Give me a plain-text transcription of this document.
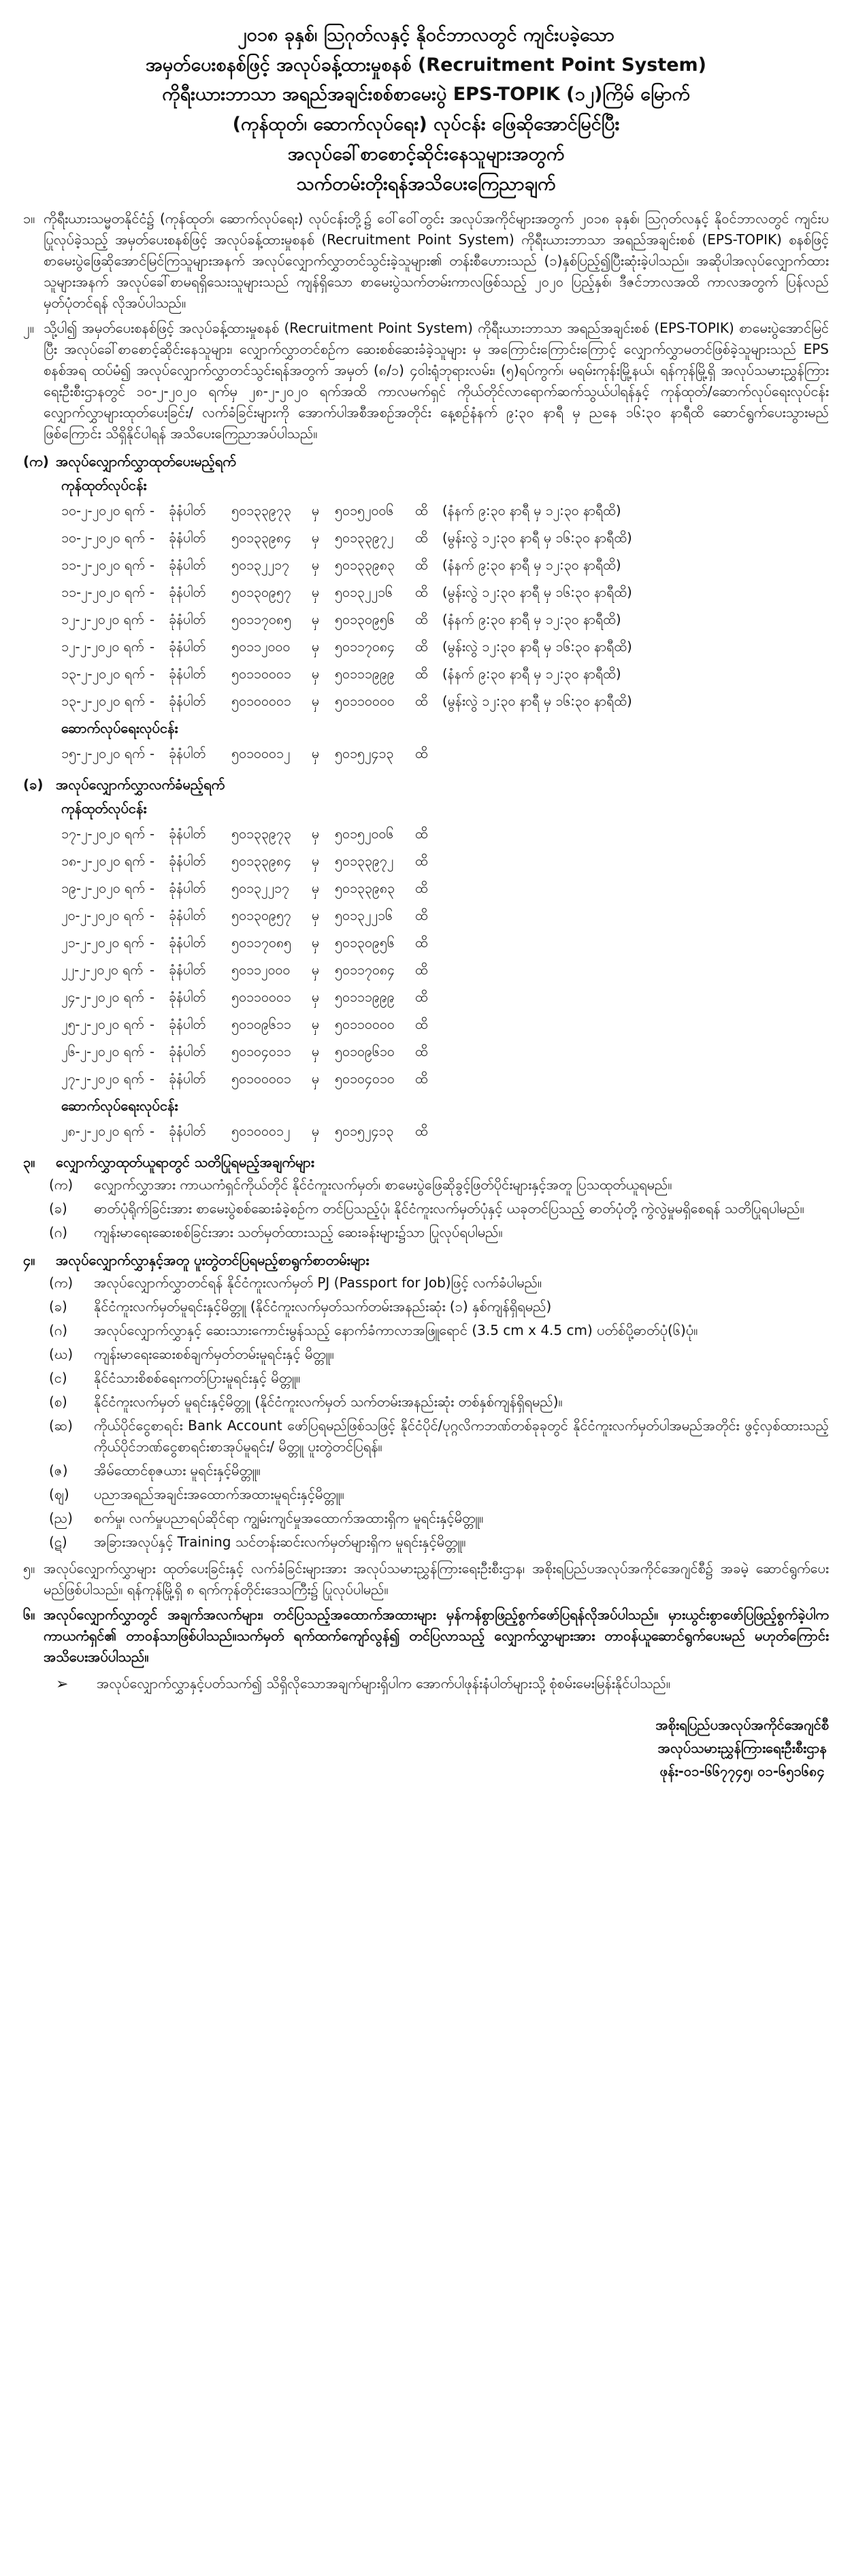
၂၀၁၈ ခုနှစ်၊ ဩဂုတ်လနှင့် နိုဝင်ဘာလတွင် ကျင်းပခဲ့သော
အမှတ်ပေးစနစ်ဖြင့် အလုပ်ခန့်ထားမှုစနစ် (Recruitment Point System)
ကိုရီးယားဘာသာ အရည်အချင်းစစ်စာမေးပွဲ EPS-TOPIK (၁၂)ကြိမ် မြောက်
(ကုန်ထုတ်၊ ဆောက်လုပ်ရေး) လုပ်ငန်း ဖြေဆိုအောင်မြင်ပြီး
အလုပ်ခေါ်စာစောင့်ဆိုင်းနေသူများအတွက်
သက်တမ်းတိုးရန်အသိပေးကြေညာချက်
၁။ ကိုရီးယားသမ္မတနိုင်ငံ၌ (ကုန်ထုတ်၊ ဆောက်လုပ်ရေး) လုပ်ငန်းတို့၌ ဝေါ်ဝေါ်တွင်း အလုပ်အကိုင်များအတွက် ၂၀၁၈ ခုနှစ်၊ ဩဂုတ်လနှင့် နိုဝင်ဘာလတွင် ကျင်းပပြုလုပ်ခဲ့သည့် အမှတ်ပေးစနစ်ဖြင့် အလုပ်ခန့်ထားမှုစနစ် (Recruitment Point System) ကိုရီးယားဘာသာ အရည်အချင်းစစ် (EPS-TOPIK) စနစ်ဖြင့် စာမေးပွဲဖြေဆိုအောင်မြင်ကြသူများအနက် အလုပ်လျှောက်လွှာတင်သွင်းခဲ့သူများ၏ တန်းစီဟေားသည် (၁)နှစ်ပြည့်၍ပြီးဆုံးခဲ့ပါသည်။ အဆိုပါအလုပ်လျှောက်ထားသူများအနက် အလုပ်ခေါ်စာမရရှိသေးသူများသည် ကျန်ရှိသော စာမေးပွဲသက်တမ်းကာလဖြစ်သည့် ၂၀၂၀ ပြည့်နှစ်၊ ဒီဇင်ဘာလအထိ ကာလအတွက် ပြန်လည်မှတ်ပုံတင်ရန် လိုအပ်ပါသည်။
၂။ သို့ပါ၍ အမှတ်ပေးစနစ်ဖြင့် အလုပ်ခန့်ထားမှုစနစ် (Recruitment Point System) ကိုရီးယားဘာသာ အရည်အချင်းစစ် (EPS-TOPIK) စာမေးပွဲအောင်မြင်ပြီး အလုပ်ခေါ်စာစောင့်ဆိုင်းနေသူများ၊ လျှောက်လွှာတင်စဉ်က ဆေးစစ်ဆေးခံခဲ့သူများ မှ အကြောင်းကြောင်းကြောင့် လျှောက်လွှာမတင်ဖြစ်ခဲ့သူများသည် EPS စနစ်အရ ထပ်မံ၍ အလုပ်လျှောက်လွှာတင်သွင်းရန်အတွက် အမှတ် (၈/၁) ၄ဝါးရုံဘုရားလမ်း၊ (၅)ရပ်ကွက်၊ မရမ်းကုန်းမြို့နယ်၊ ရန်ကုန်မြို့ရှိ အလုပ်သမားညွှန်ကြားရေးဦးစီးဌာနတွင် ၁၀-၂-၂၀၂၀ ရက်မှ ၂၈-၂-၂၀၂၀ ရက်အထိ ကာလမက်ရှင် ကိုယ်တိုင်လာရောက်ဆက်သွယ်ပါရန်နှင့် ကုန်ထုတ်/ဆောက်လုပ်ရေးလုပ်ငန်း လျှောက်လွှာများထုတ်ပေးခြင်း/ လက်ခံခြင်းများကို အောက်ပါအစီအစဉ်အတိုင်း နေ့စဉ်နံနက် ၉:၃၀ နာရီ မှ ညနေ ၁၆:၃၀ နာရီထိ ဆောင်ရွက်ပေးသွားမည်ဖြစ်ကြောင်း သိရှိနိုင်ပါရန် အသိပေးကြေညာအပ်ပါသည်။
(က) အလုပ်လျှောက်လွှာထုတ်ပေးမည့်ရက်
ကုန်ထုတ်လုပ်ငန်း
၁၀-၂-၂၀၂၀ ရက် -	ခုံနံပါတ်	၅၀၁၃၃၉၇၃	မှ	၅၀၁၅၂၀၀၆	ထိ	(နံနက် ၉:၃၀ နာရီ မှ ၁၂:၃၀ နာရီထိ)
၁၀-၂-၂၀၂၀ ရက် -	ခုံနံပါတ်	၅၀၁၃၃၉၈၄	မှ	၅၀၁၃၃၉၇၂	ထိ	(မွန်းလွဲ ၁၂:၃၀ နာရီ မှ ၁၆:၃၀ နာရီထိ)
၁၁-၂-၂၀၂၀ ရက် -	ခုံနံပါတ်	၅၀၁၃၂၂၁၇	မှ	၅၀၁၃၃၉၈၃	ထိ	(နံနက် ၉:၃၀ နာရီ မှ ၁၂:၃၀ နာရီထိ)
၁၁-၂-၂၀၂၀ ရက် -	ခုံနံပါတ်	၅၀၁၃၀၉၅၇	မှ	၅၀၁၃၂၂၁၆	ထိ	(မွန်းလွဲ ၁၂:၃၀ နာရီ မှ ၁၆:၃၀ နာရီထိ)
၁၂-၂-၂၀၂၀ ရက် -	ခုံနံပါတ်	၅၀၁၁၇၀၈၅	မှ	၅၀၁၃၀၉၅၆	ထိ	(နံနက် ၉:၃၀ နာရီ မှ ၁၂:၃၀ နာရီထိ)
၁၂-၂-၂၀၂၀ ရက် -	ခုံနံပါတ်	၅၀၁၁၂၀၀၀	မှ	၅၀၁၁၇၀၈၄	ထိ	(မွန်းလွဲ ၁၂:၃၀ နာရီ မှ ၁၆:၃၀ နာရီထိ)
၁၃-၂-၂၀၂၀ ရက် -	ခုံနံပါတ်	၅၀၁၁၀၀၀၁	မှ	၅၀၁၁၁၉၉၉	ထိ	(နံနက် ၉:၃၀ နာရီ မှ ၁၂:၃၀ နာရီထိ)
၁၃-၂-၂၀၂၀ ရက် -	ခုံနံပါတ်	၅၀၁၀၀၀၀၁	မှ	၅၀၁၁၀၀၀၀	ထိ	(မွန်းလွဲ ၁၂:၃၀ နာရီ မှ ၁၆:၃၀ နာရီထိ)
ဆောက်လုပ်ရေးလုပ်ငန်း
၁၅-၂-၂၀၂၀ ရက် -	ခုံနံပါတ်	၅၀၁၀၀၀၁၂	မှ	၅၀၁၅၂၄၁၃	ထိ
(ခ) အလုပ်လျှောက်လွှာလက်ခံမည့်ရက်
ကုန်ထုတ်လုပ်ငန်း
၁၇-၂-၂၀၂၀ ရက် -	ခုံနံပါတ်	၅၀၁၃၃၉၇၃	မှ	၅၀၁၅၂၀၀၆	ထိ
၁၈-၂-၂၀၂၀ ရက် -	ခုံနံပါတ်	၅၀၁၃၃၉၈၄	မှ	၅၀၁၃၃၉၇၂	ထိ
၁၉-၂-၂၀၂၀ ရက် -	ခုံနံပါတ်	၅၀၁၃၂၂၁၇	မှ	၅၀၁၃၃၉၈၃	ထိ
၂၀-၂-၂၀၂၀ ရက် -	ခုံနံပါတ်	၅၀၁၃၀၉၅၇	မှ	၅၀၁၃၂၂၁၆	ထိ
၂၁-၂-၂၀၂၀ ရက် -	ခုံနံပါတ်	၅၀၁၁၇၀၈၅	မှ	၅၀၁၃၀၉၅၆	ထိ
၂၂-၂-၂၀၂၀ ရက် -	ခုံနံပါတ်	၅၀၁၁၂၀၀၀	မှ	၅၀၁၁၇၀၈၄	ထိ
၂၄-၂-၂၀၂၀ ရက် -	ခုံနံပါတ်	၅၀၁၁၀၀၀၁	မှ	၅၀၁၁၁၉၉၉	ထိ
၂၅-၂-၂၀၂၀ ရက် -	ခုံနံပါတ်	၅၀၁၀၉၆၁၁	မှ	၅၀၁၁၀၀၀၀	ထိ
၂၆-၂-၂၀၂၀ ရက် -	ခုံနံပါတ်	၅၀၁၀၄၀၁၁	မှ	၅၀၁၀၉၆၁၀	ထိ
၂၇-၂-၂၀၂၀ ရက် -	ခုံနံပါတ်	၅၀၁၀၀၀၀၁	မှ	၅၀၁၀၄၀၁၀	ထိ
ဆောက်လုပ်ရေးလုပ်ငန်း
၂၈-၂-၂၀၂၀ ရက် -	ခုံနံပါတ်	၅၀၁၀၀၀၁၂	မှ	၅၀၁၅၂၄၁၃	ထိ
၃။ လျှောက်လွှာထုတ်ယူရာတွင် သတိပြုရမည့်အချက်များ
(က)	လျှောက်လွှာအား ကာယကံရှင်ကိုယ်တိုင် နိုင်ငံကူးလက်မှတ်၊ စာမေးပွဲဖြေဆိုခွင့်ဖြတ်ပိုင်းများနှင့်အတူ ပြသထုတ်ယူရမည်။
(ခ)	ဓာတ်ပုံရိုက်ခြင်းအား စာမေးပွဲစစ်ဆေးခံခဲ့စဉ်က တင်ပြသည့်ပုံ၊ နိုင်ငံကူးလက်မှတ်ပုံနှင့် ယခုတင်ပြသည့် ဓာတ်ပုံတို့ ကွဲလွဲမှုမရှိစေရန် သတိပြုရပါမည်။
(ဂ)	ကျန်းမာရေးဆေးစစ်ခြင်းအား သတ်မှတ်ထားသည့် ဆေးခန်းများ၌သာ ပြုလုပ်ရပါမည်။
၄။ အလုပ်လျှောက်လွှာနှင့်အတူ ပူးတွဲတင်ပြရမည့်စာရွက်စာတမ်းများ
(က)	အလုပ်လျှောက်လွှာတင်ရန် နိုင်ငံကူးလက်မှတ် PJ (Passport for Job)ဖြင့် လက်ခံပါမည်။
(ခ)	နိုင်ငံကူးလက်မှတ်မူရင်းနှင့်မိတ္တူ (နိုင်ငံကူးလက်မှတ်သက်တမ်းအနည်းဆုံး (၁) နှစ်ကျန်ရှိရမည်)
(ဂ)	အလုပ်လျှောက်လွှာနှင့် ဆေးသားကောင်းမွန်သည့် နောက်ခံကာလာအဖြူရောင် (3.5 cm x 4.5 cm) ပတ်စ်ပို့ဓာတ်ပုံ(၆)ပုံ။
(ဃ)	ကျန်းမာရေးဆေးစစ်ချက်မှတ်တမ်းမူရင်းနှင့် မိတ္တူ။
(င)	နိုင်ငံသားစိစစ်ရေးကတ်ပြားမူရင်းနှင့် မိတ္တူ။
(စ)	နိုင်ငံကူးလက်မှတ် မူရင်းနှင့်မိတ္တူ (နိုင်ငံကူးလက်မှတ် သက်တမ်းအနည်းဆုံး တစ်နှစ်ကျန်ရှိရမည်)။
(ဆ)	ကိုယ်ပိုင်ငွေစာရင်း Bank Account ဖော်ပြရမည်ဖြစ်သဖြင့် နိုင်ငံပိုင်/ပုဂ္ဂလိကဘဏ်တစ်ခုခုတွင် နိုင်ငံကူးလက်မှတ်ပါအမည်အတိုင်း ဖွင့်လှစ်ထားသည့် ကိုယ်ပိုင်ဘဏ်ငွေစာရင်းစာအုပ်မူရင်း/ မိတ္တူ ပူးတွဲတင်ပြရန်။
(ဇ)	အိမ်ထောင်စုဇယား မူရင်းနှင့်မိတ္တူ။
(ဈ)	ပညာအရည်အချင်းအထောက်အထားမူရင်းနှင့်မိတ္တူ။
(ည)	စက်မှု၊ လက်မှုပညာရပ်ဆိုင်ရာ ကျွမ်းကျင်မှုအထောက်အထားရှိက မူရင်းနှင့်မိတ္တူ။
(ဋ)	အခြားအလုပ်နှင့် Training သင်တန်းဆင်းလက်မှတ်များရှိက မူရင်းနှင့်မိတ္တူ။
၅။ အလုပ်လျှောက်လွှာများ ထုတ်ပေးခြင်းနှင့် လက်ခံခြင်းများအား အလုပ်သမားညွှန်ကြားရေးဦးစီးဌာန၊ အစိုးရပြည်ပအလုပ်အကိုင်အေဂျင်စီ၌ အခမဲ့ ဆောင်ရွက်ပေးမည်ဖြစ်ပါသည်။ ရန်ကုန်မြို့ရှိ ၈ ရက်ကုန်တိုင်းဒေသကြီး၌ ပြုလုပ်ပါမည်။
၆။ အလုပ်လျှောက်လွှာတွင် အချက်အလက်များ၊ တင်ပြသည့်အထောက်အထားများ မှန်ကန်စွာဖြည့်စွက်ဖော်ပြရန်လိုအပ်ပါသည်။ မှားယွင်းစွာဖော်ပြဖြည့်စွက်ခဲ့ပါက ကာယကံရှင်၏ တာဝန်သာဖြစ်ပါသည်။သက်မှတ် ရက်ထက်ကျော်လွန်၍ တင်ပြလာသည့် လျှောက်လွှာများအား တာဝန်ယူဆောင်ရွက်ပေးမည် မဟုတ်ကြောင်း အသိပေးအပ်ပါသည်။
➢	အလုပ်လျှောက်လွှာနှင့်ပတ်သက်၍ သိရှိလိုသောအချက်များရှိပါက အောက်ပါဖုန်းနံပါတ်များသို့ စုံစမ်းမေးမြန်းနိုင်ပါသည်။
အစိုးရပြည်ပအလုပ်အကိုင်အေဂျင်စီ
အလုပ်သမားညွှန်ကြားရေးဦးစီးဌာန
ဖုန်း-၀၁-၆၆၇၇၄၅၊ ၀၁-၆၅၁၆၈၄
